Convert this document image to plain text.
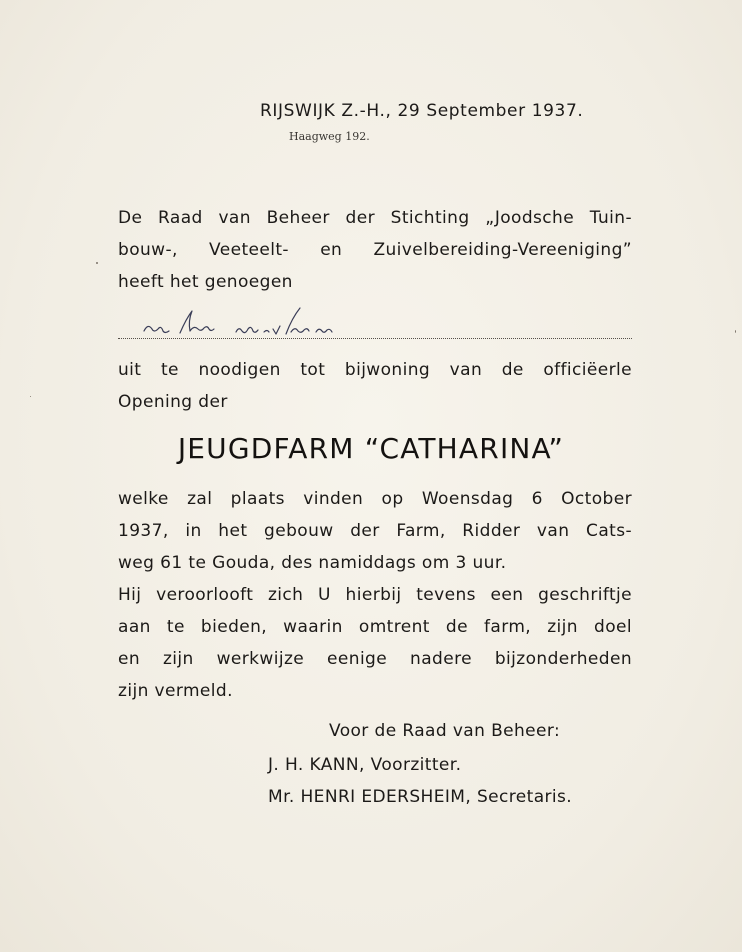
RIJSWIJK Z.-H., 29 September 1937.
Haagweg 192.
De Raad van Beheer der Stichting „Joodsche Tuin-
bouw-, Veeteelt- en Zuivelbereiding-Vereeniging”
heeft het genoegen
den Heer en Mevr. v. Lier
uit te noodigen tot bijwoning van de officiëerle
Opening der
JEUGDFARM “CATHARINA”
welke zal plaats vinden op Woensdag 6 October
1937, in het gebouw der Farm, Ridder van Cats-
weg 61 te Gouda, des namiddags om 3 uur.
Hij veroorlooft zich U hierbij tevens een geschriftje
aan te bieden, waarin omtrent de farm, zijn doel
en zijn werkwijze eenige nadere bijzonderheden
zijn vermeld.
Voor de Raad van Beheer:
J. H. KANN, Voorzitter.
Mr. HENRI EDERSHEIM, Secretaris.
